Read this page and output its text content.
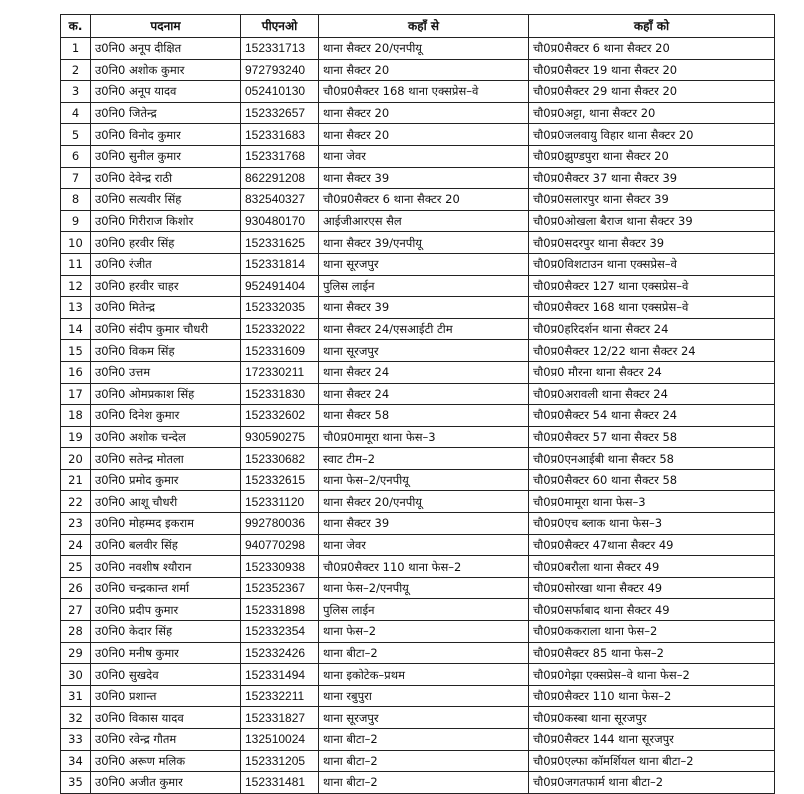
क.	पदनाम	पीएनओ	कहाँ से	कहाँ को
1	उ0नि0 अनूप दीक्षित	152331713	थाना सैक्टर 20/एनपीयू	चौ0प्र0सैक्टर 6 थाना सैक्टर 20
2	उ0नि0 अशोक कुमार	972793240	थाना सैक्टर 20	चौ0प्र0सैक्टर 19 थाना सैक्टर 20
3	उ0नि0 अनूप यादव	052410130	चौ0प्र0सैक्टर 168 थाना एक्सप्रेस–वे	चौ0प्र0सैक्टर 29 थाना सैक्टर 20
4	उ0नि0 जितेन्द्र	152332657	थाना सैक्टर 20	चौ0प्र0अट्टा, थाना सैक्टर 20
5	उ0नि0 विनोद कुमार	152331683	थाना सैक्टर 20	चौ0प्र0जलवायु विहार थाना सैक्टर 20
6	उ0नि0 सुनील कुमार	152331768	थाना जेवर	चौ0प्र0झुण्डपुरा थाना सैक्टर 20
7	उ0नि0 देवेन्द्र राठी	862291208	थाना सैक्टर 39	चौ0प्र0सैक्टर 37 थाना सैक्टर 39
8	उ0नि0 सत्यवीर सिंह	832540327	चौ0प्र0सैक्टर 6 थाना सैक्टर 20	चौ0प्र0सलारपुर थाना सैक्टर 39
9	उ0नि0 गिरीराज किशोर	930480170	आईजीआरएस सैल	चौ0प्र0ओखला बैराज थाना सैक्टर 39
10	उ0नि0 हरवीर सिंह	152331625	थाना सैक्टर 39/एनपीयू	चौ0प्र0सदरपुर थाना सैक्टर 39
11	उ0नि0 रंजीत	152331814	थाना सूरजपुर	चौ0प्र0विशटाउन थाना एक्सप्रेस–वे
12	उ0नि0 हरवीर चाहर	952491404	पुलिस लाईन	चौ0प्र0सैक्टर 127 थाना एक्सप्रेस–वे
13	उ0नि0 मितेन्द्र	152332035	थाना सैक्टर 39	चौ0प्र0सैक्टर 168 थाना एक्सप्रेस–वे
14	उ0नि0 संदीप कुमार चौधरी	152332022	थाना सैक्टर 24/एसआईटी टीम	चौ0प्र0हरिदर्शन थाना सैक्टर 24
15	उ0नि0 विकम सिंह	152331609	थाना सूरजपुर	चौ0प्र0सैक्टर 12/22 थाना सैक्टर 24
16	उ0नि0 उत्तम	172330211	थाना सैक्टर 24	चौ0प्र0 मौरना थाना सैक्टर 24
17	उ0नि0 ओमप्रकाश सिंह	152331830	थाना सैक्टर 24	चौ0प्र0अरावली थाना सैक्टर 24
18	उ0नि0 दिनेश कुमार	152332602	थाना सैक्टर 58	चौ0प्र0सैक्टर 54 थाना सैक्टर 24
19	उ0नि0 अशोक चन्देल	930590275	चौ0प्र0मामूरा थाना फेस–3	चौ0प्र0सैक्टर 57 थाना सैक्टर 58
20	उ0नि0 सतेन्द्र मोतला	152330682	स्वाट टीम–2	चौ0प्र0एनआईबी थाना सैक्टर 58
21	उ0नि0 प्रमोद कुमार	152332615	थाना फेस–2/एनपीयू	चौ0प्र0सैक्टर 60 थाना सैक्टर 58
22	उ0नि0 आशू चौधरी	152331120	थाना सैक्टर 20/एनपीयू	चौ0प्र0मामूरा थाना फेस–3
23	उ0नि0 मोहम्मद इकराम	992780036	थाना सैक्टर 39	चौ0प्र0एच ब्लाक थाना फेस–3
24	उ0नि0 बलवीर सिंह	940770298	थाना जेवर	चौ0प्र0सैक्टर 47थाना सैक्टर 49
25	उ0नि0 नवशीष श्यौरान	152330938	चौ0प्र0सैक्टर 110 थाना फेस–2	चौ0प्र0बरौला थाना सैक्टर 49
26	उ0नि0 चन्द्रकान्त शर्मा	152352367	थाना फेस–2/एनपीयू	चौ0प्र0सोरखा थाना सैक्टर 49
27	उ0नि0 प्रदीप कुमार	152331898	पुलिस लाईन	चौ0प्र0सर्फाबाद थाना सैक्टर 49
28	उ0नि0 केदार सिंह	152332354	थाना फेस–2	चौ0प्र0ककराला थाना फेस–2
29	उ0नि0 मनीष कुमार	152332426	थाना बीटा–2	चौ0प्र0सैक्टर 85 थाना फेस–2
30	उ0नि0 सुखदेव	152331494	थाना इकोटेक–प्रथम	चौ0प्र0गेझा एक्सप्रेस–वे थाना फेस–2
31	उ0नि0 प्रशान्त	152332211	थाना रबुपुरा	चौ0प्र0सैक्टर 110 थाना फेस–2
32	उ0नि0 विकास यादव	152331827	थाना सूरजपुर	चौ0प्र0कस्बा थाना सूरजपुर
33	उ0नि0 रवेन्द्र गौतम	132510024	थाना बीटा–2	चौ0प्र0सैक्टर 144 थाना सूरजपुर
34	उ0नि0 अरूण मलिक	152331205	थाना बीटा–2	चौ0प्र0एल्फा कॉमर्शियल थाना बीटा–2
35	उ0नि0 अजीत कुमार	152331481	थाना बीटा–2	चौ0प्र0जगतफार्म थाना बीटा–2
